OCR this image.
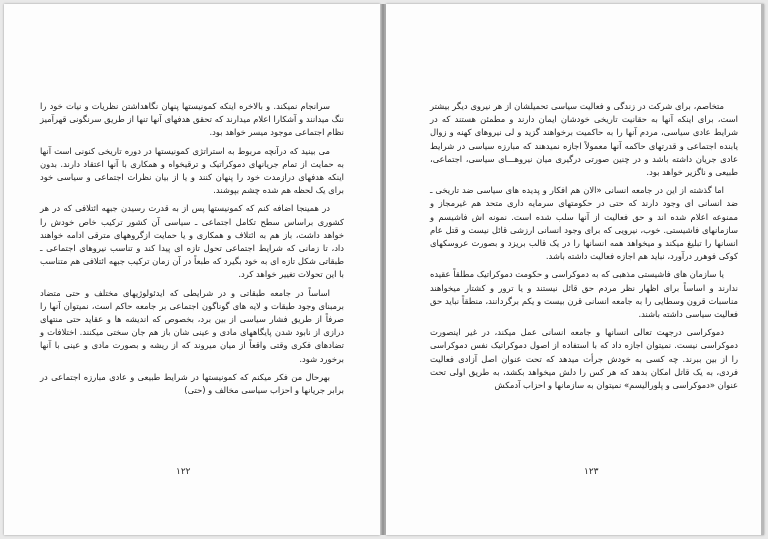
سرانجام نمیکند. و بالاخره اینکه کمونیستها پنهان نگاهداشتن نظریات و نیات خود را ننگ میدانند و آشکارا اعلام میدارند که تحقق هدفهای آنها تنها از طریق سرنگونی قهرآمیز نظام اجتماعی موجود میسر خواهد بود.

می بینید که درآنچه مربوط به استراتژی کمونیستها در دوره تاریخی کنونی است آنها به حمایت از تمام جریانهای دموکراتیک و ترقیخواه و همکاری با آنها اعتقاد دارند. بدون اینکه هدفهای درازمدت خود را پنهان کنند و یا از بیان نظرات اجتماعی و سیاسی خود برای یک لحظه هم شده چشم بپوشند.

در همینجا اضافه کنم که کمونیستها پس از به قدرت رسیدن جبهه ائتلافی که در هر کشوری براساس سطح تکامل اجتماعی ـ سیاسی آن کشور ترکیب خاص خودش را خواهد داشت، باز هم به ائتلاف و همکاری و یا حمایت ازگروههای مترقی ادامه خواهند داد، تا زمانی که شرایط اجتماعی تحول تازه ای پیدا کند و تناسب نیروهای اجتماعی ـ طبقاتی شکل تازه ای به خود بگیرد که طبعاً در آن زمان ترکیب جبهه ائتلافی هم متناسب با این تحولات تغییر خواهد کرد.

اساساً در جامعه طبقاتی و در شرایطی که ایدئولوژیهای مختلف و حتی متضاد برمبنای وجود طبقات و لایه های گوناگون اجتماعی بر جامعه حاکم است، نمیتوان آنها را صرفاً از طریق فشار سیاسی از بین برد، بخصوص که اندیشه ها و عقاید حتی منتهای درازی از نابود شدن پایگاههای مادی و عینی شان باز هم جان سختی میکنند. اختلافات و تضادهای فکری وقتی واقعاً از میان میروند که از ریشه و بصورت مادی و عینی با آنها برخورد شود.

بهرحال من فکر میکنم که کمونیستها در شرایط طبیعی و عادی مبارزه اجتماعی در برابر جریانها و احزاب سیاسی مخالف و (حتی)

۱۲۲

متخاصم، برای شرکت در زندگی و فعالیت سیاسی تحمیلشان از هر نیروی دیگر بیشتر است، برای اینکه آنها به حقانیت تاریخی خودشان ایمان دارند و مطمئن هستند که در شرایط عادی سیاسی، مردم آنها را به حاکمیت برخواهند گزید و لی نیروهای کهنه و زوال یابنده اجتماعی و قدرتهای حاکمه آنها معمولاً اجازه نمیدهند که مبارزه سیاسی در شرایط عادی جریان داشته باشد و در چنین صورتی درگیری میان نیروهـــای سیاسی، اجتماعی، طبیعی و ناگزیر خواهد بود.

اما گذشته از این در جامعه انسانی «الان هم افکار و پدیده های سیاسی ضد تاریخی ـ ضد انسانی ای وجود دارند که حتی در حکومتهای سرمایه داری متحد هم غیرمجاز و ممنوعه اعلام شده اند و حق فعالیت از آنها سلب شده است. نمونه اش فاشیسم و سازمانهای فاشیستی. خوب، نیرویی که برای وجود انسانی ارزشی قائل نیست و قتل عام انسانها را تبلیغ میکند و میخواهد همه انسانها را در یک قالب بریزد و بصورت عروسکهای کوکی فوهرر درآورد، نباید هم اجازه فعالیت داشته باشد.

یا سازمان های فاشیستی مذهبی که به دموکراسی و حکومت دموکراتیک مطلقاً عقیده ندارند و اساساً برای اظهار نظر مردم حق قائل نیستند و یا ترور و کشتار میخواهند مناسبات قرون وسطایی را به جامعه انسانی قرن بیست و یکم برگردانند، منطقاً نباید حق فعالیت سیاسی داشته باشند.

دموکراسی درجهت تعالی انسانها و جامعه انسانی عمل میکند، در غیر اینصورت دموکراسی نیست. نمیتوان اجازه داد که با استفاده از اصول دموکراتیک نفس دموکراسی را از بین ببرند. چه کسی به خودش جرأت میدهد که تحت عنوان اصل آزادی فعالیت فردی، به یک قاتل امکان بدهد که هر کس را دلش میخواهد بکشد، به طریق اولی تحت عنوان «دموکراسی و پلورالیسم» نمیتوان به سازمانها و احزاب آدمکش

۱۲۳
